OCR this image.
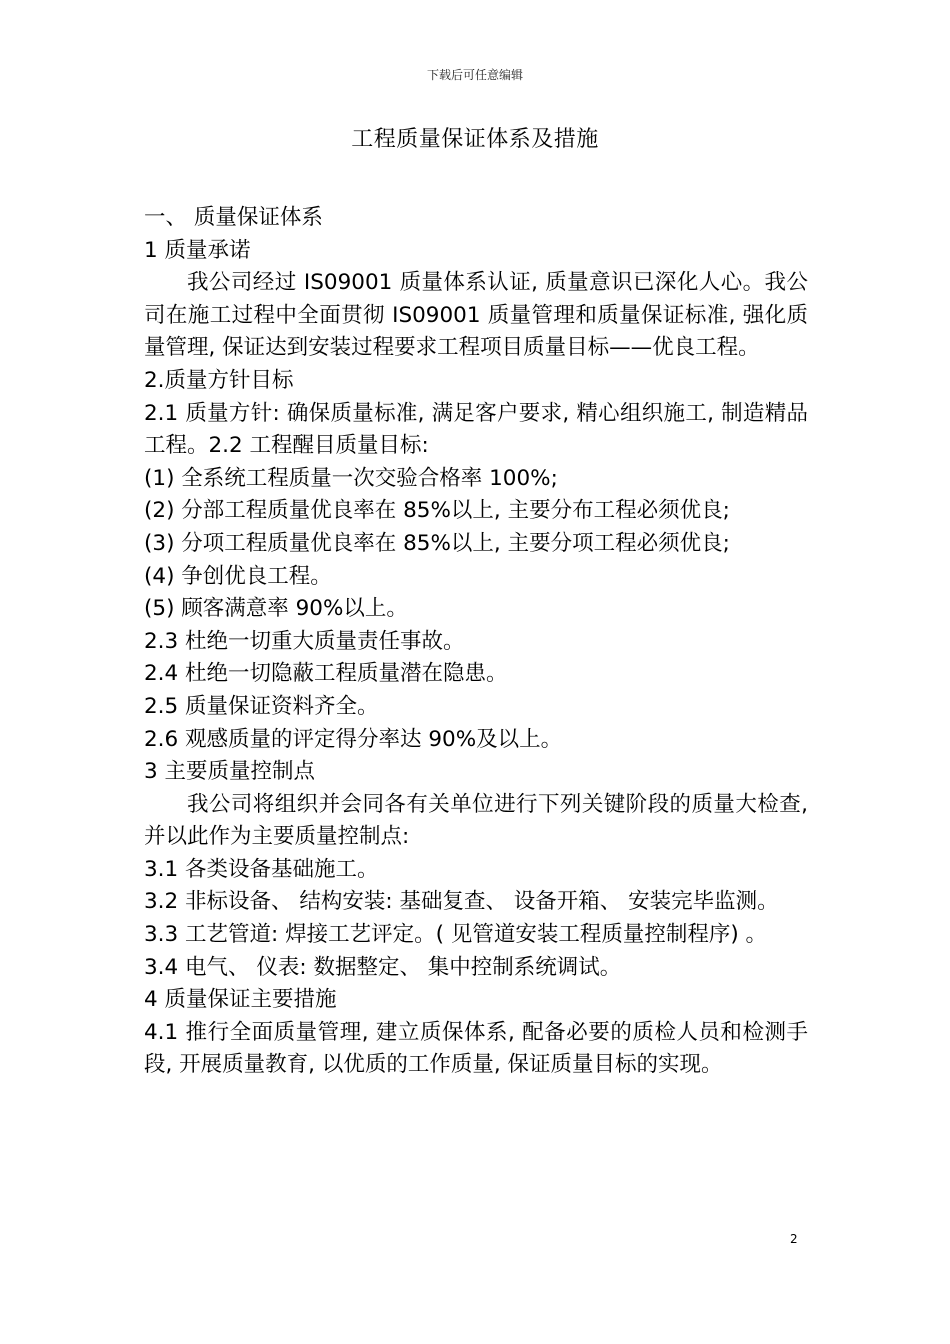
下载后可任意编辑
工程质量保证体系及措施

一、 质量保证体系

1 质量承诺

我公司经过 IS09001 质量体系认证, 质量意识已深化人心。我公司在施工过程中全面贯彻 IS09001 质量管理和质量保证标准, 强化质量管理, 保证达到安装过程要求工程项目质量目标——优良工程。

2.质量方针目标

2.1 质量方针: 确保质量标准, 满足客户要求, 精心组织施工, 制造精品工程。2.2 工程醒目质量目标:

(1) 全系统工程质量一次交验合格率 100%;

(2) 分部工程质量优良率在 85%以上, 主要分布工程必须优良;

(3) 分项工程质量优良率在 85%以上, 主要分项工程必须优良;

(4) 争创优良工程。

(5) 顾客满意率 90%以上。

2.3 杜绝一切重大质量责任事故。

2.4 杜绝一切隐蔽工程质量潜在隐患。

2.5 质量保证资料齐全。

2.6 观感质量的评定得分率达 90%及以上。

3 主要质量控制点

我公司将组织并会同各有关单位进行下列关键阶段的质量大检查, 并以此作为主要质量控制点:

3.1 各类设备基础施工。

3.2 非标设备、 结构安装: 基础复查、 设备开箱、 安装完毕监测。

3.3 工艺管道: 焊接工艺评定。( 见管道安装工程质量控制程序) 。

3.4 电气、 仪表: 数据整定、 集中控制系统调试。

4 质量保证主要措施

4.1 推行全面质量管理, 建立质保体系, 配备必要的质检人员和检测手段, 开展质量教育, 以优质的工作质量, 保证质量目标的实现。

2
